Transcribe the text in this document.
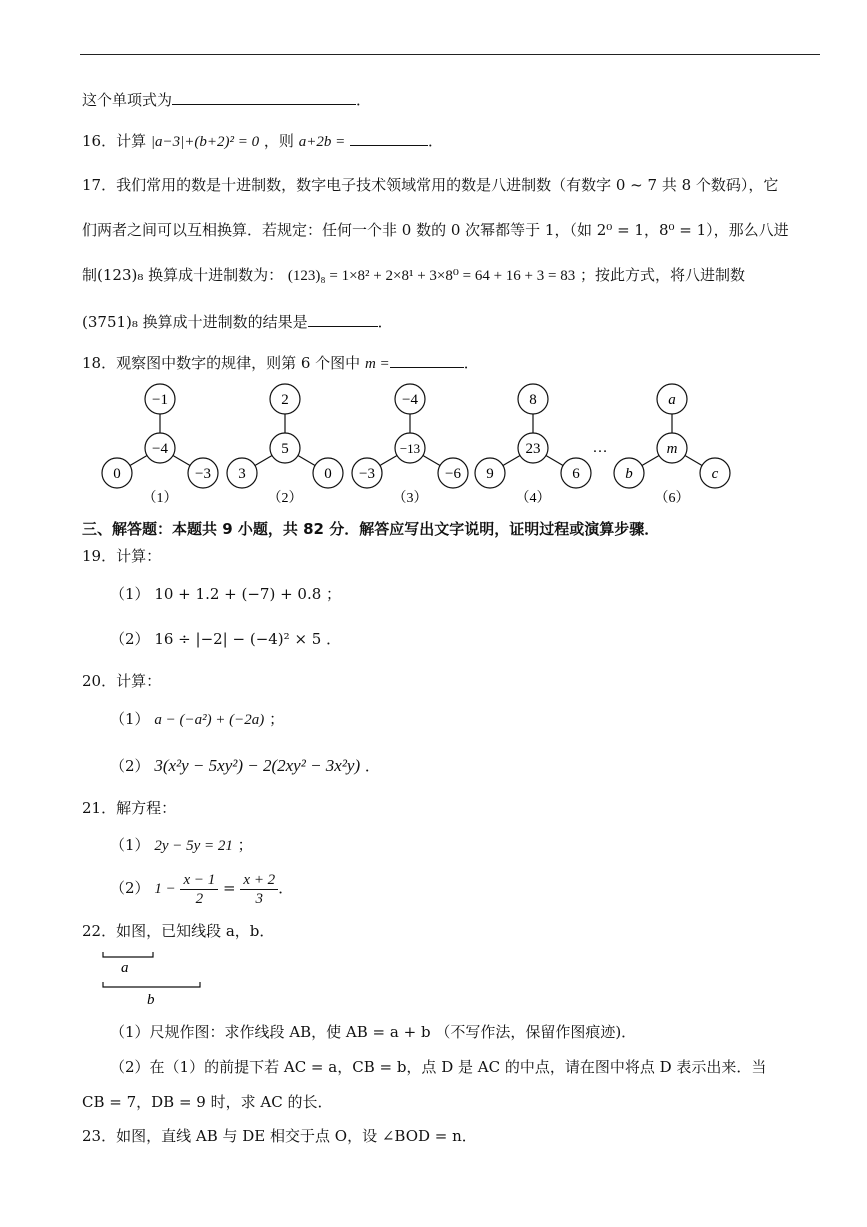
这个单项式为	．
16．计算 |a−3|+(b+2)² = 0 ，则 a+2b =	．
17．我们常用的数是十进制数，数字电子技术领域常用的数是八进制数（有数字 0 ~ 7 共 8 个数码），它
们两者之间可以互相换算．若规定：任何一个非 0 数的 0 次幂都等于 1，（如 2⁰ = 1，8⁰ = 1），那么八进
制(123)₈ 换算成十进制数为： (123)₈ = 1×8² + 2×8¹ + 3×8⁰ = 64 + 16 + 3 = 83 ；按此方式，将八进制数
(3751)₈ 换算成十进制数的结果是	．
18．观察图中数字的规律，则第 6 个图中 m =	．
−1
−4
0	−3
（1）
2
5
3	0
（2）
−4
−13
−3	−6
（3）
8
23
9	6
（4）
a
m
b	c
（6）
…
三、解答题：本题共 9 小题，共 82 分．解答应写出文字说明，证明过程或演算步骤．
19．计算：
（1） 10 + 1.2 + (−7) + 0.8 ；
（2） 16 ÷ |−2| − (−4)² × 5 ．
20．计算：
（1） a − (−a²) + (−2a) ；
（2） 3(x²y − 5xy²) − 2(2xy² − 3x²y) ．
21．解方程：
（1） 2y − 5y = 21 ；
（2） $1 - \frac{x - 1}{2} = \frac{x + 2}{3}$ ．
22．如图，已知线段 a，b．
a
b
（1）尺规作图：求作线段 AB，使 AB = a + b （不写作法，保留作图痕迹)．
（2）在（1）的前提下若 AC = a，CB = b，点 D 是 AC 的中点，请在图中将点 D 表示出来．当
CB = 7，DB = 9 时，求 AC 的长．
23．如图，直线 AB 与 DE 相交于点 O，设 ∠BOD = n．
